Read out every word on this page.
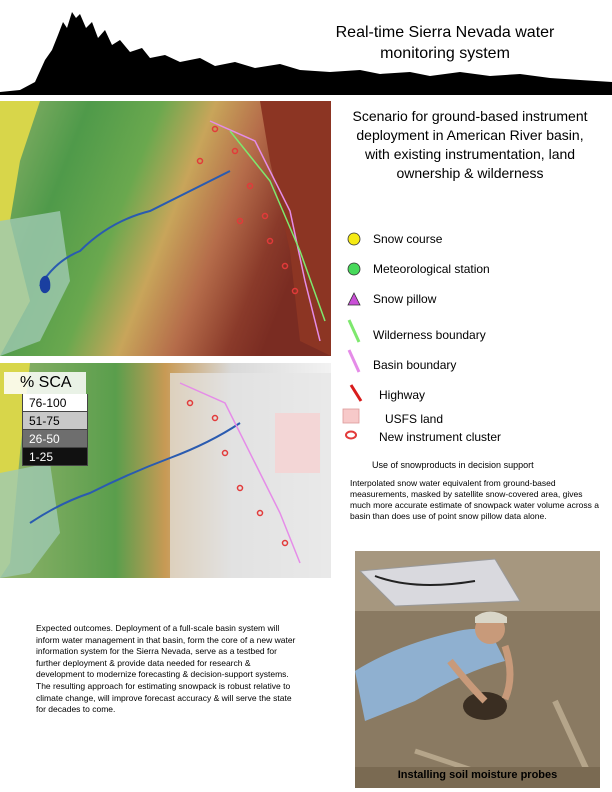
Real-time Sierra Nevada water monitoring system
% SCA
76-100
51-75
26-50
1-25
Scenario for ground-based instrument deployment in American River basin, with existing instrumentation, land ownership & wilderness
Snow course
Meteorological station
Snow pillow
Wilderness boundary
Basin boundary
Highway
USFS land
New instrument cluster
Use of snowproducts in decision support
Interpolated snow water equivalent from ground-based measurements, masked by satellite snow-covered area, gives much more accurate estimate of snowpack water volume across a basin than does use of point snow pillow data alone.
Expected outcomes. Deployment of a full-scale basin system will inform water management in that basin, form the core of a new water information system for the Sierra Nevada, serve as a testbed for further deployment & provide data needed for research & development to modernize forecasting & decision-support systems. The resulting approach for estimating snowpack is robust relative to climate change, will improve forecast accuracy & will serve the state for decades to come.
Installing soil moisture probes
